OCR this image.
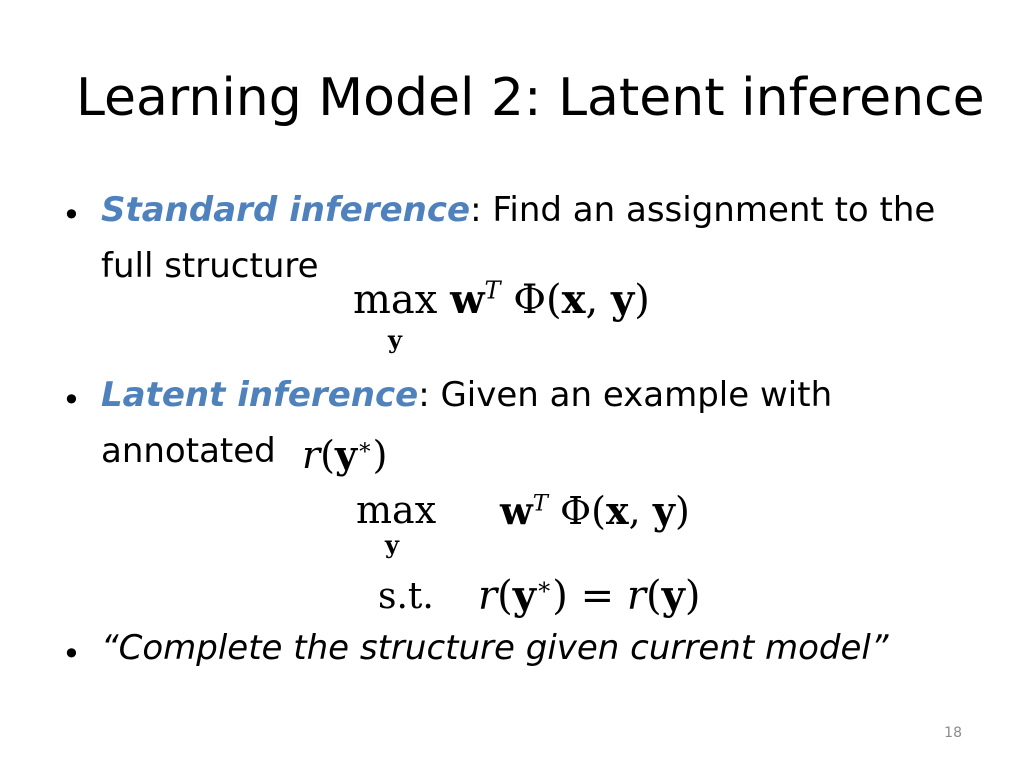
Learning Model 2: Latent inference
• Standard inference: Find an assignment to the
full structure
$\max w^T$ Φ(x, y)
y
• Latent inference: Given an example with
annotated r(y∗)
max
y
$w^T$ Φ(x, y)
s.t. r(y∗) = r(y)
• “Complete the structure given current model”
18
